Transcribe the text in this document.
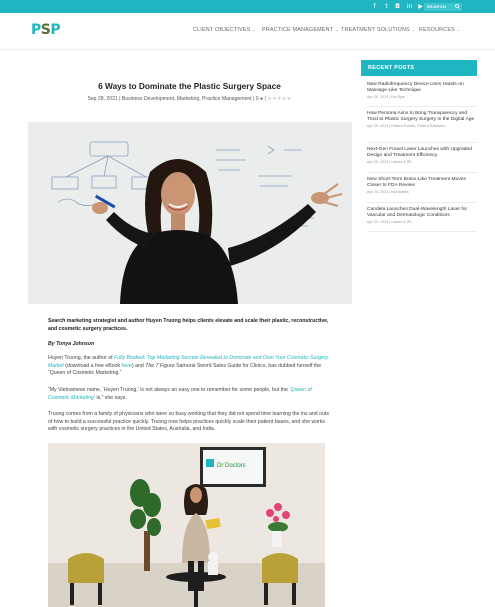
f	t	◘ in ▶ SEARCH
P S P	CLIENT OBJECTIVES ⌄ PRACTICE MANAGEMENT ⌄ TREATMENT SOLUTIONS ⌄ RESOURCES ⌄
6 Ways to Dominate the Plastic Surgery Space
Sep 28, 2021 | Business Development, Marketing, Practice Management | 0 ● | ★★★★★

Search marketing strategist and author Huyen Truong helps clients elevate and scale their plastic, reconstructive, and cosmetic surgery practices.

By Tonya Johnson

Huyen Truong, the author of Fully Booked: Top Marketing Secrets Revealed to Dominate and Own Your Cosmetic Surgery Market (download a free eBook here) and The 7 Figure Samurai Sword Sales Guide for Clinics, has dubbed herself the “Queen of Cosmetic Marketing.”

“My Vietnamese name, ‘Huyen Truong,’ is not always an easy one to remember for some people, but the ‘Queen of Cosmetic Marketing’ is,” she says.

Truong comes from a family of physicians who were so busy working that they did not spend time learning the ins and outs of how to build a successful practice quickly. Truong now helps practices quickly scale their patient bases, and she works with cosmetic surgery practices in the United States, Australia, and India.

Dr Doctors
RECENT POSTS
New Radiofrequency Device Uses Hands-on Massage-Like Technique
Apr 30, 2024 | Hot Spa
How Persona Aims to Bring Transparency and Trust to Plastic Surgery Surgery in the Digital Age
Apr 29, 2024 | Patient Portals, Patient Relations
Next-Gen Fraxel Laser Launches with Upgraded Design and Treatment Efficiency
Apr 26, 2024 | Lasers & IPL
New Short-Term Botox-Like Treatment Moves Closer to FDA Review
Apr 25, 2024 | Injectables
Candela Launches Dual-Wavelength Laser for Vascular and Dermatologic Conditions
Apr 23, 2024 | Lasers & IPL
